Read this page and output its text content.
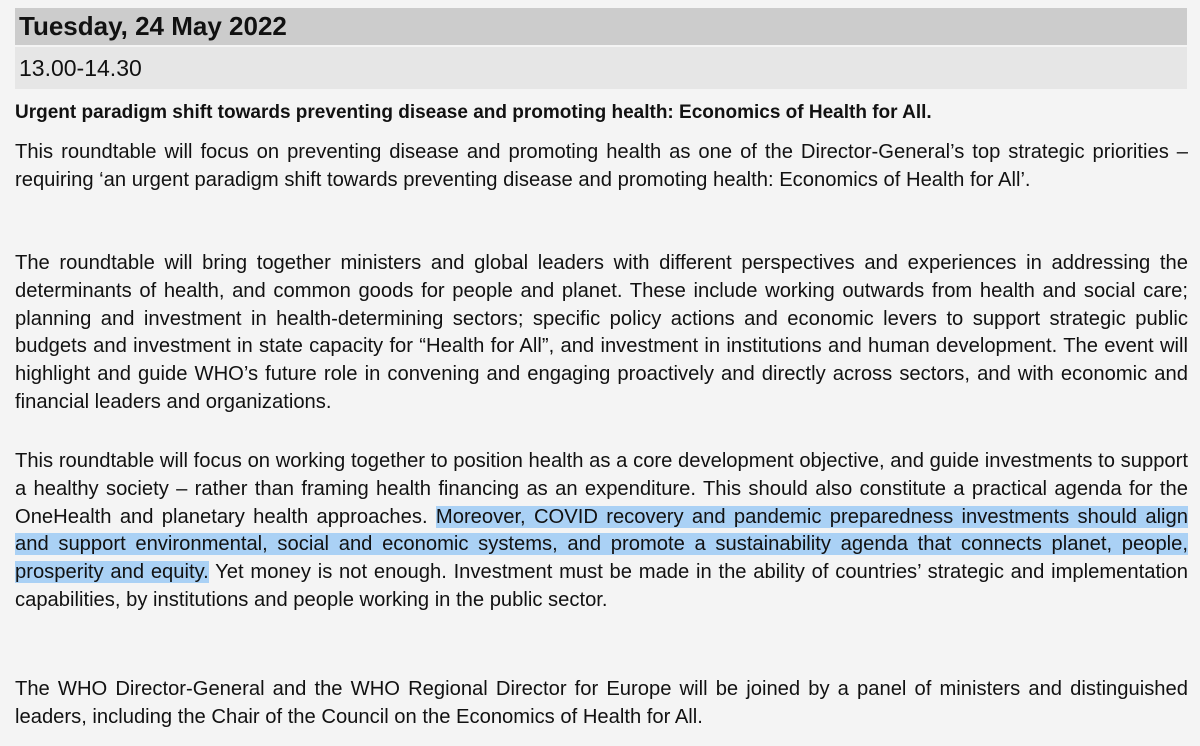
Tuesday, 24 May 2022
13.00-14.30
Urgent paradigm shift towards preventing disease and promoting health: Economics of Health for All.
This roundtable will focus on preventing disease and promoting health as one of the Director-General’s top strategic priorities – requiring ‘an urgent paradigm shift towards preventing disease and promoting health: Economics of Health for All’.
The roundtable will bring together ministers and global leaders with different perspectives and experiences in addressing the determinants of health, and common goods for people and planet. These include working outwards from health and social care; planning and investment in health-determining sectors; specific policy actions and economic levers to support strategic public budgets and investment in state capacity for “Health for All”, and investment in institutions and human development. The event will highlight and guide WHO’s future role in convening and engaging proactively and directly across sectors, and with economic and financial leaders and organizations.
This roundtable will focus on working together to position health as a core development objective, and guide investments to support a healthy society – rather than framing health financing as an expenditure. This should also constitute a practical agenda for the OneHealth and planetary health approaches. Moreover, COVID recovery and pandemic preparedness investments should align and support environmental, social and economic systems, and promote a sustainability agenda that connects planet, people, prosperity and equity. Yet money is not enough. Investment must be made in the ability of countries’ strategic and implementation capabilities, by institutions and people working in the public sector.
The WHO Director-General and the WHO Regional Director for Europe will be joined by a panel of ministers and distinguished leaders, including the Chair of the Council on the Economics of Health for All.
